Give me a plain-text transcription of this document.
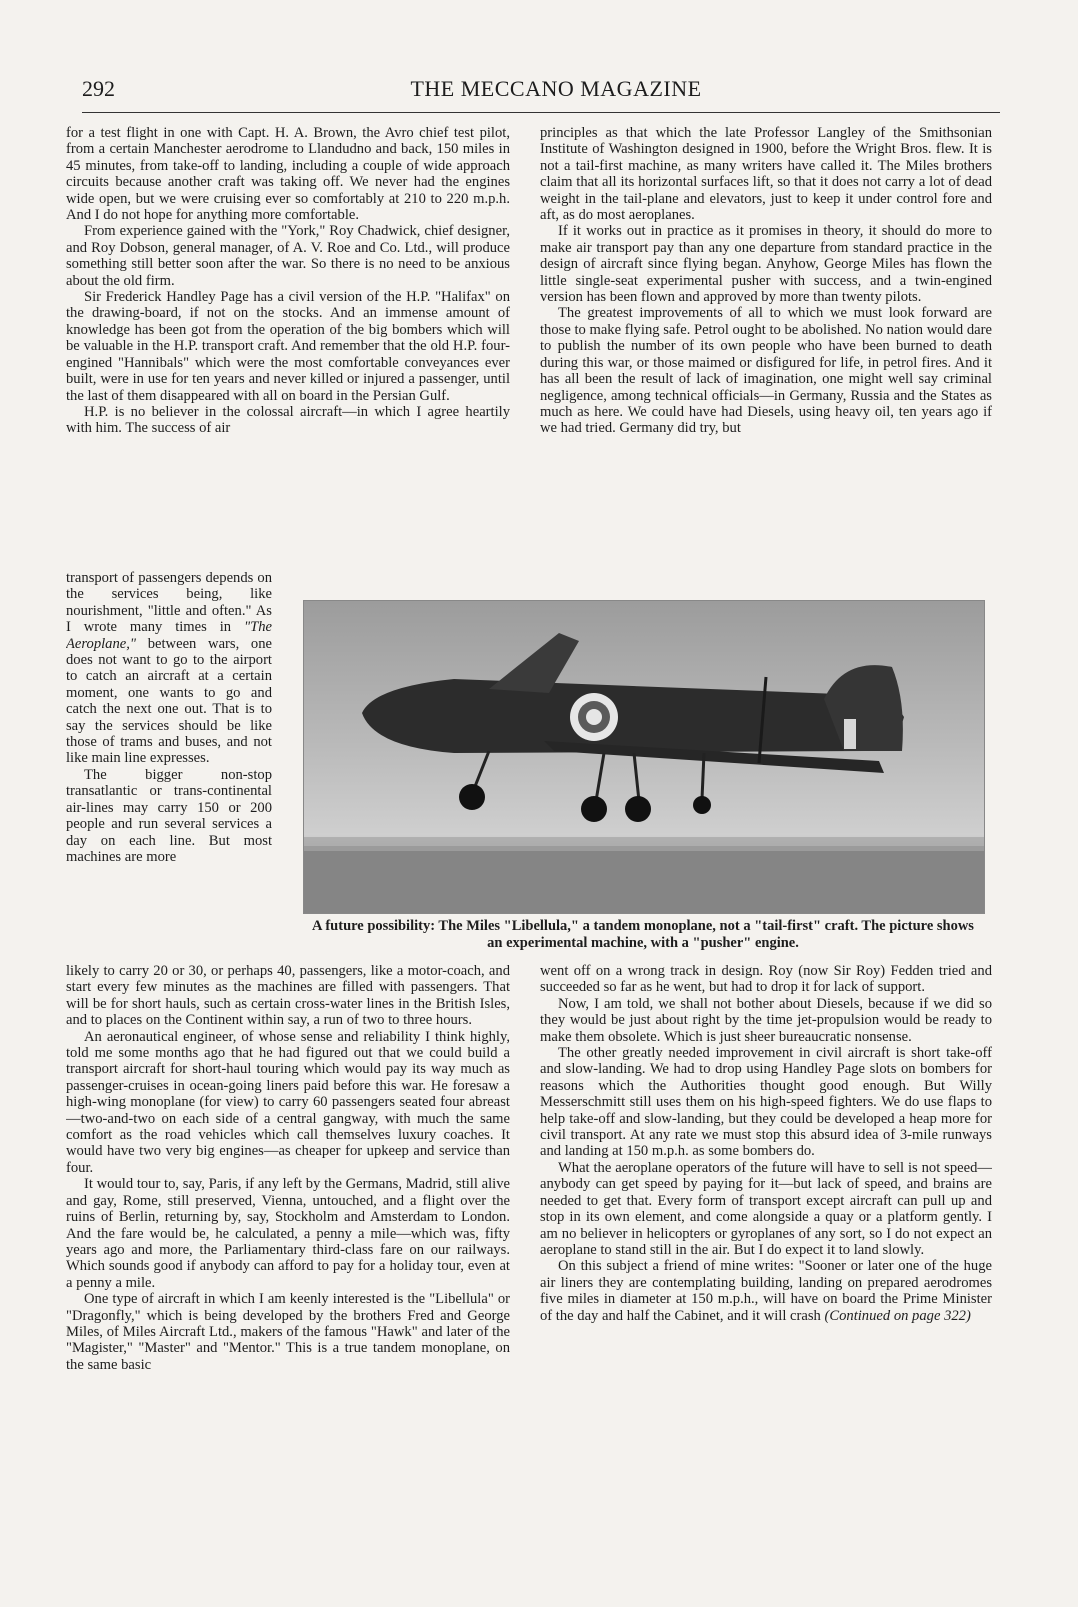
292	THE MECCANO MAGAZINE

for a test flight in one with Capt. H. A. Brown, the Avro chief test pilot, from a certain Manchester aerodrome to Llandudno and back, 150 miles in 45 minutes, from take-off to landing, including a couple of wide approach circuits because another craft was taking off. We never had the engines wide open, but we were cruising ever so comfortably at 210 to 220 m.p.h. And I do not hope for anything more comfortable.

From experience gained with the "York," Roy Chadwick, chief designer, and Roy Dobson, general manager, of A. V. Roe and Co. Ltd., will produce something still better soon after the war. So there is no need to be anxious about the old firm.

Sir Frederick Handley Page has a civil version of the H.P. "Halifax" on the drawing-board, if not on the stocks. And an immense amount of knowledge has been got from the operation of the big bombers which will be valuable in the H.P. transport craft. And remember that the old H.P. four-engined "Hannibals" which were the most comfortable conveyances ever built, were in use for ten years and never killed or injured a passenger, until the last of them disappeared with all on board in the Persian Gulf.

H.P. is no believer in the colossal aircraft—in which I agree heartily with him. The success of air

transport of passengers depends on the services being, like nourishment, "little and often." As I wrote many times in "The Aeroplane," between wars, one does not want to go to the airport to catch an aircraft at a certain moment, one wants to go and catch the next one out. That is to say the services should be like those of trams and buses, and not like main line expresses.

The bigger non-stop transatlantic or trans-continental air-lines may carry 150 or 200 people and run several services a day on each line. But most machines are more

principles as that which the late Professor Langley of the Smithsonian Institute of Washington designed in 1900, before the Wright Bros. flew. It is not a tail-first machine, as many writers have called it. The Miles brothers claim that all its horizontal surfaces lift, so that it does not carry a lot of dead weight in the tail-plane and elevators, just to keep it under control fore and aft, as do most aeroplanes.

If it works out in practice as it promises in theory, it should do more to make air transport pay than any one departure from standard practice in the design of aircraft since flying began. Anyhow, George Miles has flown the little single-seat experimental pusher with success, and a twin-engined version has been flown and approved by more than twenty pilots.

The greatest improvements of all to which we must look forward are those to make flying safe. Petrol ought to be abolished. No nation would dare to publish the number of its own people who have been burned to death during this war, or those maimed or disfigured for life, in petrol fires. And it has all been the result of lack of imagination, one might well say criminal negligence, among technical officials—in Germany, Russia and the States as much as here. We could have had Diesels, using heavy oil, ten years ago if we had tried. Germany did try, but

A future possibility: The Miles "Libellula," a tandem monoplane, not a "tail-first" craft. The picture shows an experimental machine, with a "pusher" engine.

likely to carry 20 or 30, or perhaps 40, passengers, like a motor-coach, and start every few minutes as the machines are filled with passengers. That will be for short hauls, such as certain cross-water lines in the British Isles, and to places on the Continent within say, a run of two to three hours.

An aeronautical engineer, of whose sense and reliability I think highly, told me some months ago that he had figured out that we could build a transport aircraft for short-haul touring which would pay its way much as passenger-cruises in ocean-going liners paid before this war. He foresaw a high-wing monoplane (for view) to carry 60 passengers seated four abreast—two-and-two on each side of a central gangway, with much the same comfort as the road vehicles which call themselves luxury coaches. It would have two very big engines—as cheaper for upkeep and service than four.

It would tour to, say, Paris, if any left by the Germans, Madrid, still alive and gay, Rome, still preserved, Vienna, untouched, and a flight over the ruins of Berlin, returning by, say, Stockholm and Amsterdam to London. And the fare would be, he calculated, a penny a mile—which was, fifty years ago and more, the Parliamentary third-class fare on our railways. Which sounds good if anybody can afford to pay for a holiday tour, even at a penny a mile.

One type of aircraft in which I am keenly interested is the "Libellula" or "Dragonfly," which is being developed by the brothers Fred and George Miles, of Miles Aircraft Ltd., makers of the famous "Hawk" and later of the "Magister," "Master" and "Mentor." This is a true tandem monoplane, on the same basic

went off on a wrong track in design. Roy (now Sir Roy) Fedden tried and succeeded so far as he went, but had to drop it for lack of support.

Now, I am told, we shall not bother about Diesels, because if we did so they would be just about right by the time jet-propulsion would be ready to make them obsolete. Which is just sheer bureaucratic nonsense.

The other greatly needed improvement in civil aircraft is short take-off and slow-landing. We had to drop using Handley Page slots on bombers for reasons which the Authorities thought good enough. But Willy Messerschmitt still uses them on his high-speed fighters. We do use flaps to help take-off and slow-landing, but they could be developed a heap more for civil transport. At any rate we must stop this absurd idea of 3-mile runways and landing at 150 m.p.h. as some bombers do.

What the aeroplane operators of the future will have to sell is not speed—anybody can get speed by paying for it—but lack of speed, and brains are needed to get that. Every form of transport except aircraft can pull up and stop in its own element, and come alongside a quay or a platform gently. I am no believer in helicopters or gyroplanes of any sort, so I do not expect an aeroplane to stand still in the air. But I do expect it to land slowly.

On this subject a friend of mine writes: "Sooner or later one of the huge air liners they are contemplating building, landing on prepared aerodromes five miles in diameter at 150 m.p.h., will have on board the Prime Minister of the day and half the Cabinet, and it will crash (Continued on page 322)
